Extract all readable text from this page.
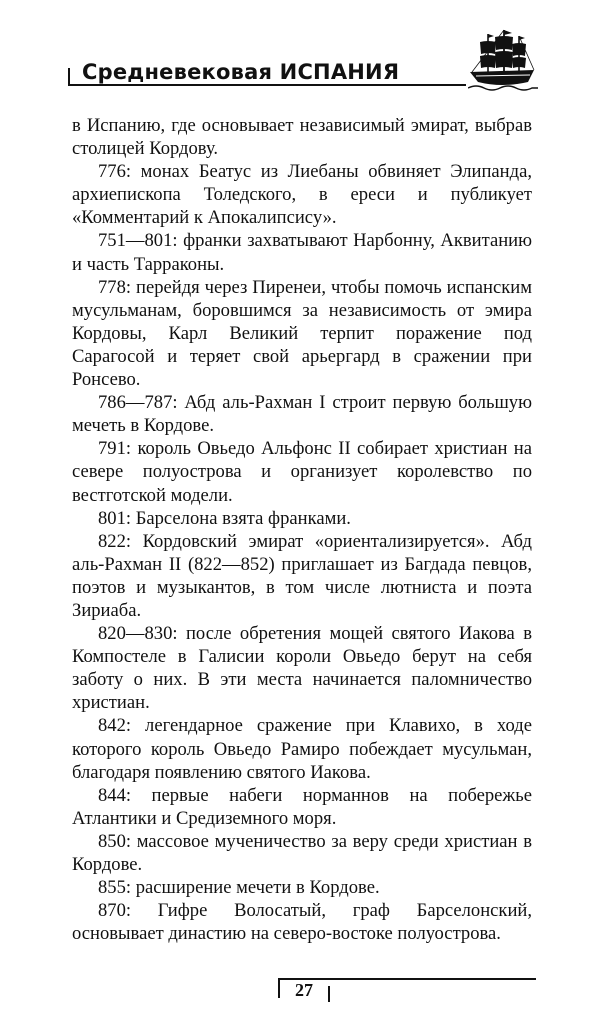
Средневековая ИСПАНИЯ

в Испанию, где основывает независимый эмират, выбрав столицей Кордову.

776: монах Беатус из Лиебаны обвиняет Элипанда, архиепископа Толедского, в ереси и публикует «Комментарий к Апокалипсису».

751—801: франки захватывают Нарбонну, Аквитанию и часть Тарраконы.

778: перейдя через Пиренеи, чтобы помочь испанским мусульманам, боровшимся за независимость от эмира Кордовы, Карл Великий терпит поражение под Сарагосой и теряет свой арьергард в сражении при Ронсево.

786—787: Абд аль-Рахман I строит первую большую мечеть в Кордове.

791: король Овьедо Альфонс II собирает христиан на севере полуострова и организует королевство по вестготской модели.

801: Барселона взята франками.

822: Кордовский эмират «ориентализируется». Абд аль-Рахман II (822—852) приглашает из Багдада певцов, поэтов и музыкантов, в том числе лютниста и поэта Зириаба.

820—830: после обретения мощей святого Иакова в Компостеле в Галисии короли Овьедо берут на себя заботу о них. В эти места начинается паломничество христиан.

842: легендарное сражение при Клавихо, в ходе которого король Овьедо Рамиро побеждает мусульман, благодаря появлению святого Иакова.

844: первые набеги норманнов на побережье Атлантики и Средиземного моря.

850: массовое мученичество за веру среди христиан в Кордове.

855: расширение мечети в Кордове.

870: Гифре Волосатый, граф Барселонский, основывает династию на северо-востоке полуострова.

27
